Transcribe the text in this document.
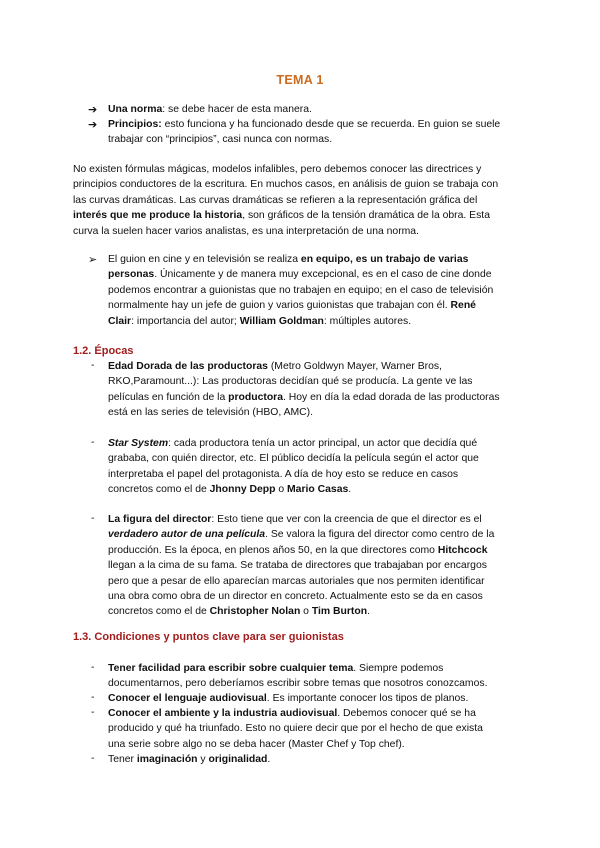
TEMA 1
➔ Una norma: se debe hacer de esta manera.
➔ Principios: esto funciona y ha funcionado desde que se recuerda. En guion se suele
trabajar con “principios”, casi nunca con normas.
No existen fórmulas mágicas, modelos infalibles, pero debemos conocer las directrices y
principios conductores de la escritura. En muchos casos, en análisis de guion se trabaja con
las curvas dramáticas. Las curvas dramáticas se refieren a la representación gráfica del
interés que me produce la historia, son gráficos de la tensión dramática de la obra. Esta
curva la suelen hacer varios analistas, es una interpretación de una norma.
➢ El guion en cine y en televisión se realiza en equipo, es un trabajo de varias
personas. Únicamente y de manera muy excepcional, es en el caso de cine donde
podemos encontrar a guionistas que no trabajen en equipo; en el caso de televisión
normalmente hay un jefe de guion y varios guionistas que trabajan con él. René
Clair: importancia del autor; William Goldman: múltiples autores.
1.2. Épocas
- Edad Dorada de las productoras (Metro Goldwyn Mayer, Warner Bros,
RKO,Paramount...): Las productoras decidían qué se producía. La gente ve las
películas en función de la productora. Hoy en día la edad dorada de las productoras
está en las series de televisión (HBO, AMC).
- Star System: cada productora tenía un actor principal, un actor que decidía qué
grababa, con quién director, etc. El público decidía la película según el actor que
interpretaba el papel del protagonista. A día de hoy esto se reduce en casos
concretos como el de Jhonny Depp o Mario Casas.
- La figura del director: Esto tiene que ver con la creencia de que el director es el
verdadero autor de una película. Se valora la figura del director como centro de la
producción. Es la época, en plenos años 50, en la que directores como Hitchcock
llegan a la cima de su fama. Se trataba de directores que trabajaban por encargos
pero que a pesar de ello aparecían marcas autoriales que nos permiten identificar
una obra como obra de un director en concreto. Actualmente esto se da en casos
concretos como el de Christopher Nolan o Tim Burton.
1.3. Condiciones y puntos clave para ser guionistas
- Tener facilidad para escribir sobre cualquier tema. Siempre podemos
documentarnos, pero deberíamos escribir sobre temas que nosotros conozcamos.
- Conocer el lenguaje audiovisual. Es importante conocer los tipos de planos.
- Conocer el ambiente y la industria audiovisual. Debemos conocer qué se ha
producido y qué ha triunfado. Esto no quiere decir que por el hecho de que exista
una serie sobre algo no se deba hacer (Master Chef y Top chef).
- Tener imaginación y originalidad.
